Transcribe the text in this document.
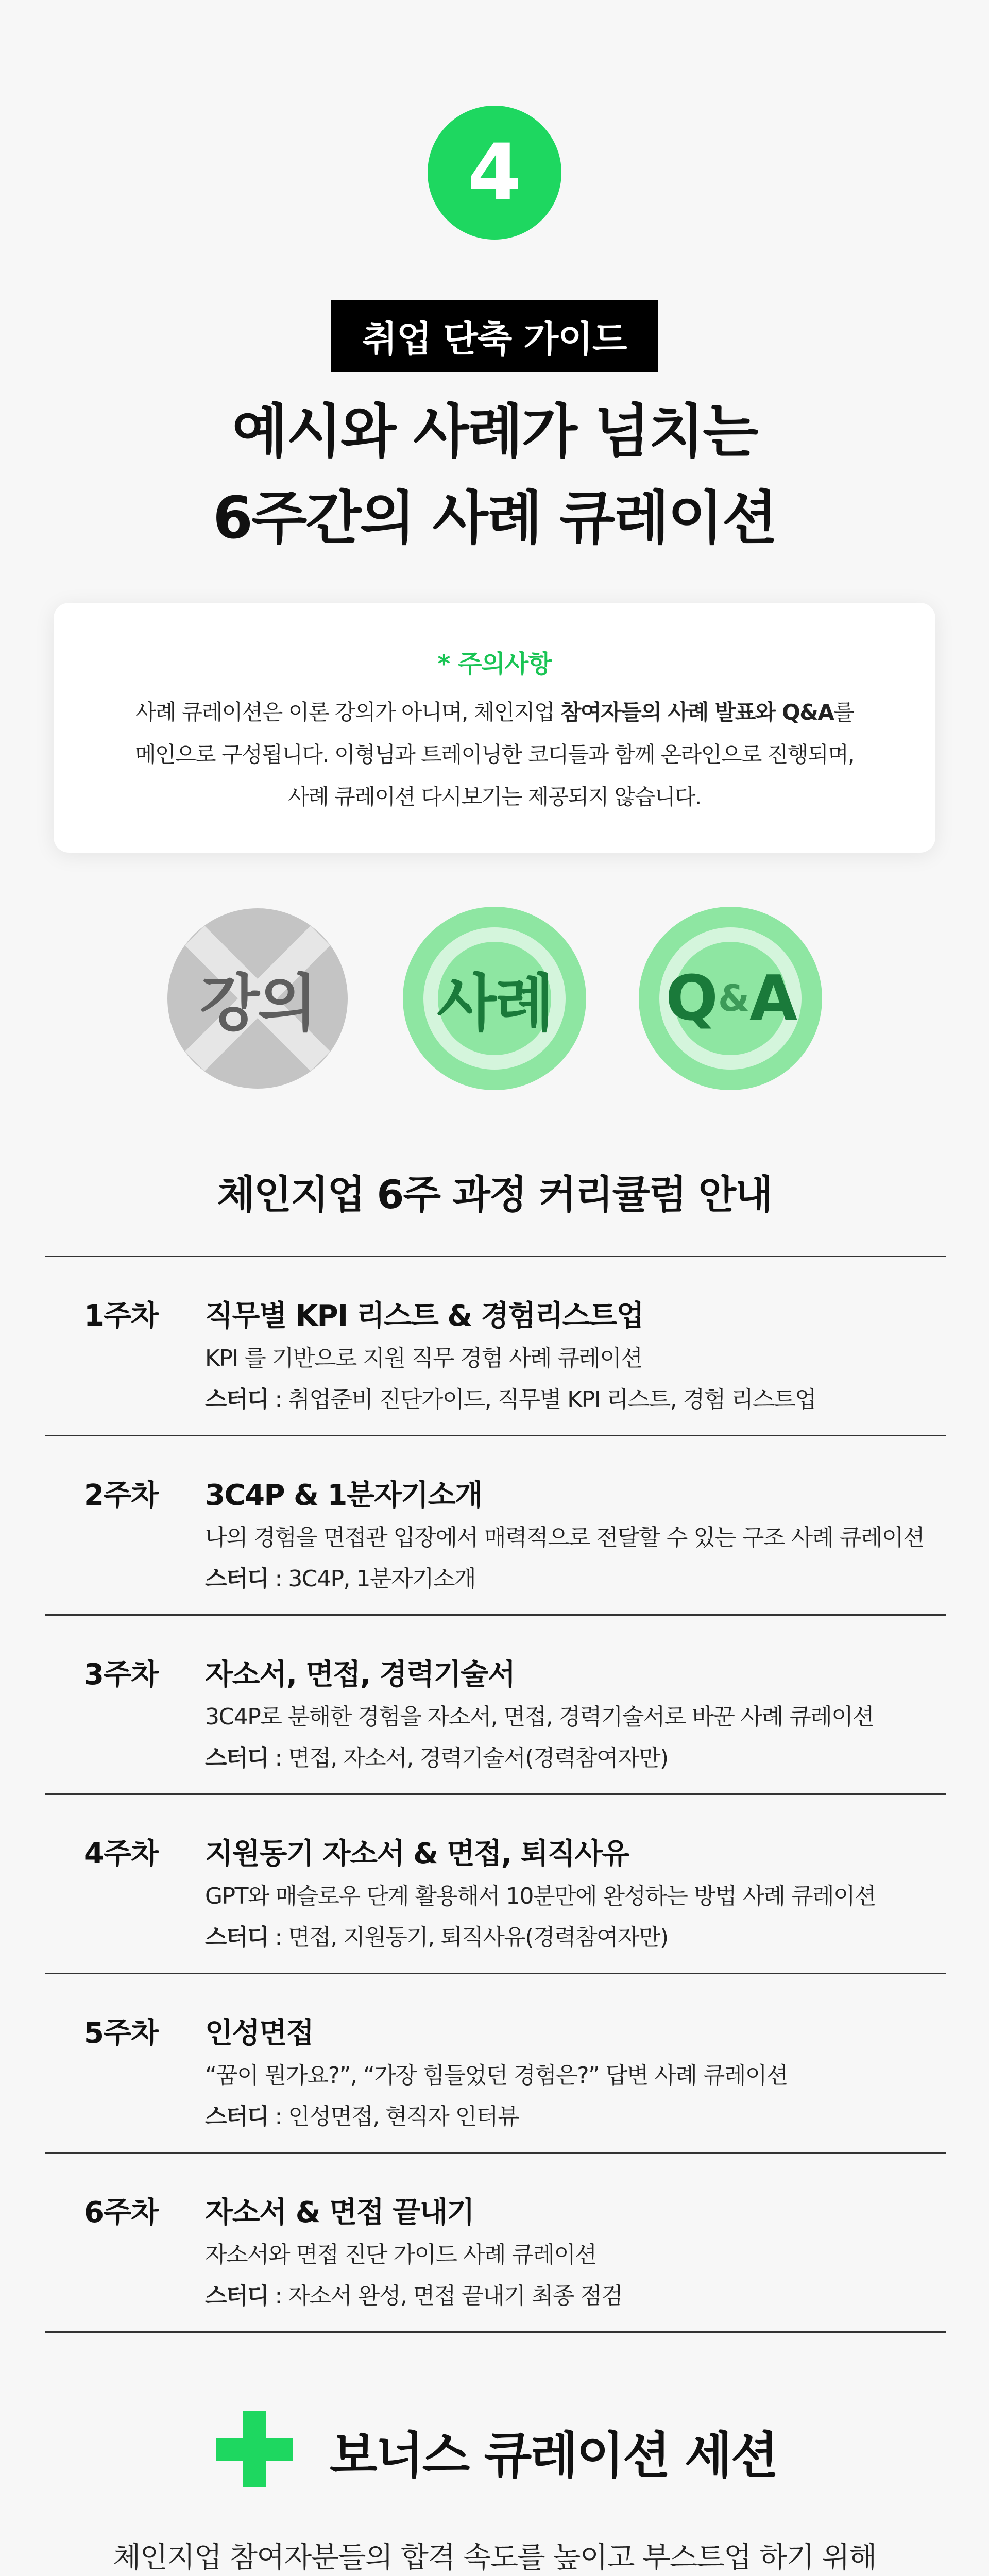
4
취업 단축 가이드
예시와 사례가 넘치는
6주간의 사례 큐레이션
* 주의사항
사례 큐레이션은 이론 강의가 아니며, 체인지업 참여자들의 사례 발표와 Q&A를
메인으로 구성됩니다. 이형님과 트레이닝한 코디들과 함께 온라인으로 진행되며,
사례 큐레이션 다시보기는 제공되지 않습니다.
강의	사례	Q & A
체인지업 6주 과정 커리큘럼 안내
1주차 직무별 KPI 리스트 & 경험리스트업
KPI 를 기반으로 지원 직무 경험 사례 큐레이션
스터디 : 취업준비 진단가이드, 직무별 KPI 리스트, 경험 리스트업
2주차 3C4P & 1분자기소개
나의 경험을 면접관 입장에서 매력적으로 전달할 수 있는 구조 사례 큐레이션
스터디 : 3C4P, 1분자기소개
3주차 자소서, 면접, 경력기술서
3C4P로 분해한 경험을 자소서, 면접, 경력기술서로 바꾼 사례 큐레이션
스터디 : 면접, 자소서, 경력기술서(경력참여자만)
4주차 지원동기 자소서 & 면접, 퇴직사유
GPT와 매슬로우 단계 활용해서 10분만에 완성하는 방법 사례 큐레이션
스터디 : 면접, 지원동기, 퇴직사유(경력참여자만)
5주차 인성면접
“꿈이 뭔가요?”, “가장 힘들었던 경험은?” 답변 사례 큐레이션
스터디 : 인성면접, 현직자 인터뷰
6주차 자소서 & 면접 끝내기
자소서와 면접 진단 가이드 사례 큐레이션
스터디 : 자소서 완성, 면접 끝내기 최종 점검
보너스 큐레이션 세션
체인지업 참여자분들의 합격 속도를 높이고 부스트업 하기 위해
